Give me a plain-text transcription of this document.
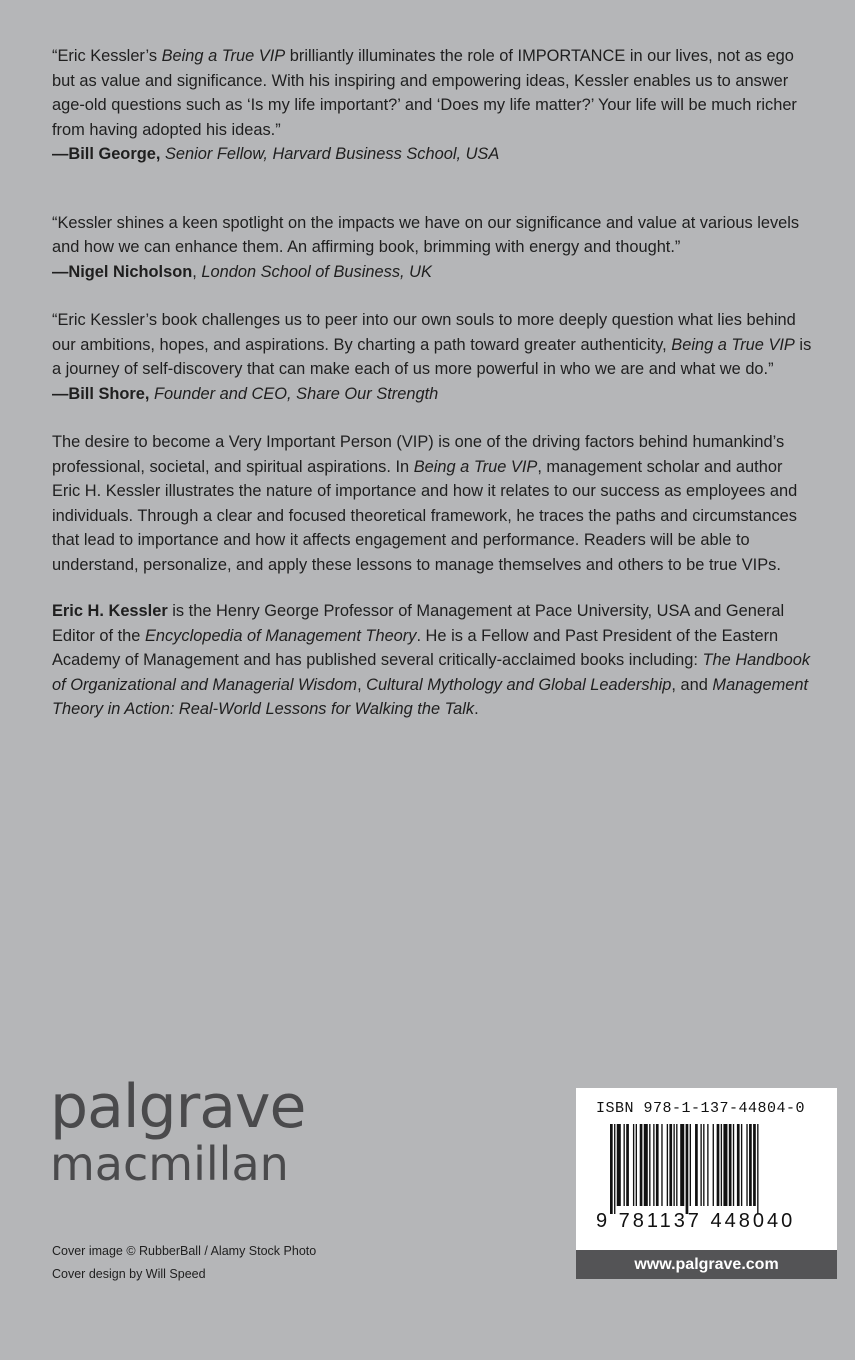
“Eric Kessler’s Being a True VIP brilliantly illuminates the role of IMPORTANCE in our lives, not as ego but as value and significance. With his inspiring and empowering ideas, Kessler enables us to answer age-old questions such as ‘Is my life important?’ and ‘Does my life matter?’ Your life will be much richer from having adopted his ideas.”

—Bill George, Senior Fellow, Harvard Business School, USA

“Kessler shines a keen spotlight on the impacts we have on our significance and value at various levels and how we can enhance them. An affirming book, brimming with energy and thought.”

—Nigel Nicholson, London School of Business, UK

“Eric Kessler’s book challenges us to peer into our own souls to more deeply question what lies behind our ambitions, hopes, and aspirations. By charting a path toward greater authenticity, Being a True VIP is a journey of self-discovery that can make each of us more powerful in who we are and what we do.”

—Bill Shore, Founder and CEO, Share Our Strength

The desire to become a Very Important Person (VIP) is one of the driving factors behind humankind’s professional, societal, and spiritual aspirations. In Being a True VIP, management scholar and author Eric H. Kessler illustrates the nature of importance and how it relates to our success as employees and individuals. Through a clear and focused theoretical framework, he traces the paths and circumstances that lead to importance and how it affects engagement and performance. Readers will be able to understand, personalize, and apply these lessons to manage themselves and others to be true VIPs.

Eric H. Kessler is the Henry George Professor of Management at Pace University, USA and General Editor of the Encyclopedia of Management Theory. He is a Fellow and Past President of the Eastern Academy of Management and has published several critically-acclaimed books including: The Handbook of Organizational and Managerial Wisdom, Cultural Mythology and Global Leadership, and Management Theory in Action: Real-World Lessons for Walking the Talk.

palgrave
macmillan
Cover image © RubberBall / Alamy Stock Photo
Cover design by Will Speed
ISBN 978-1-137-44804-0
9 781137 448040
www.palgrave.com
